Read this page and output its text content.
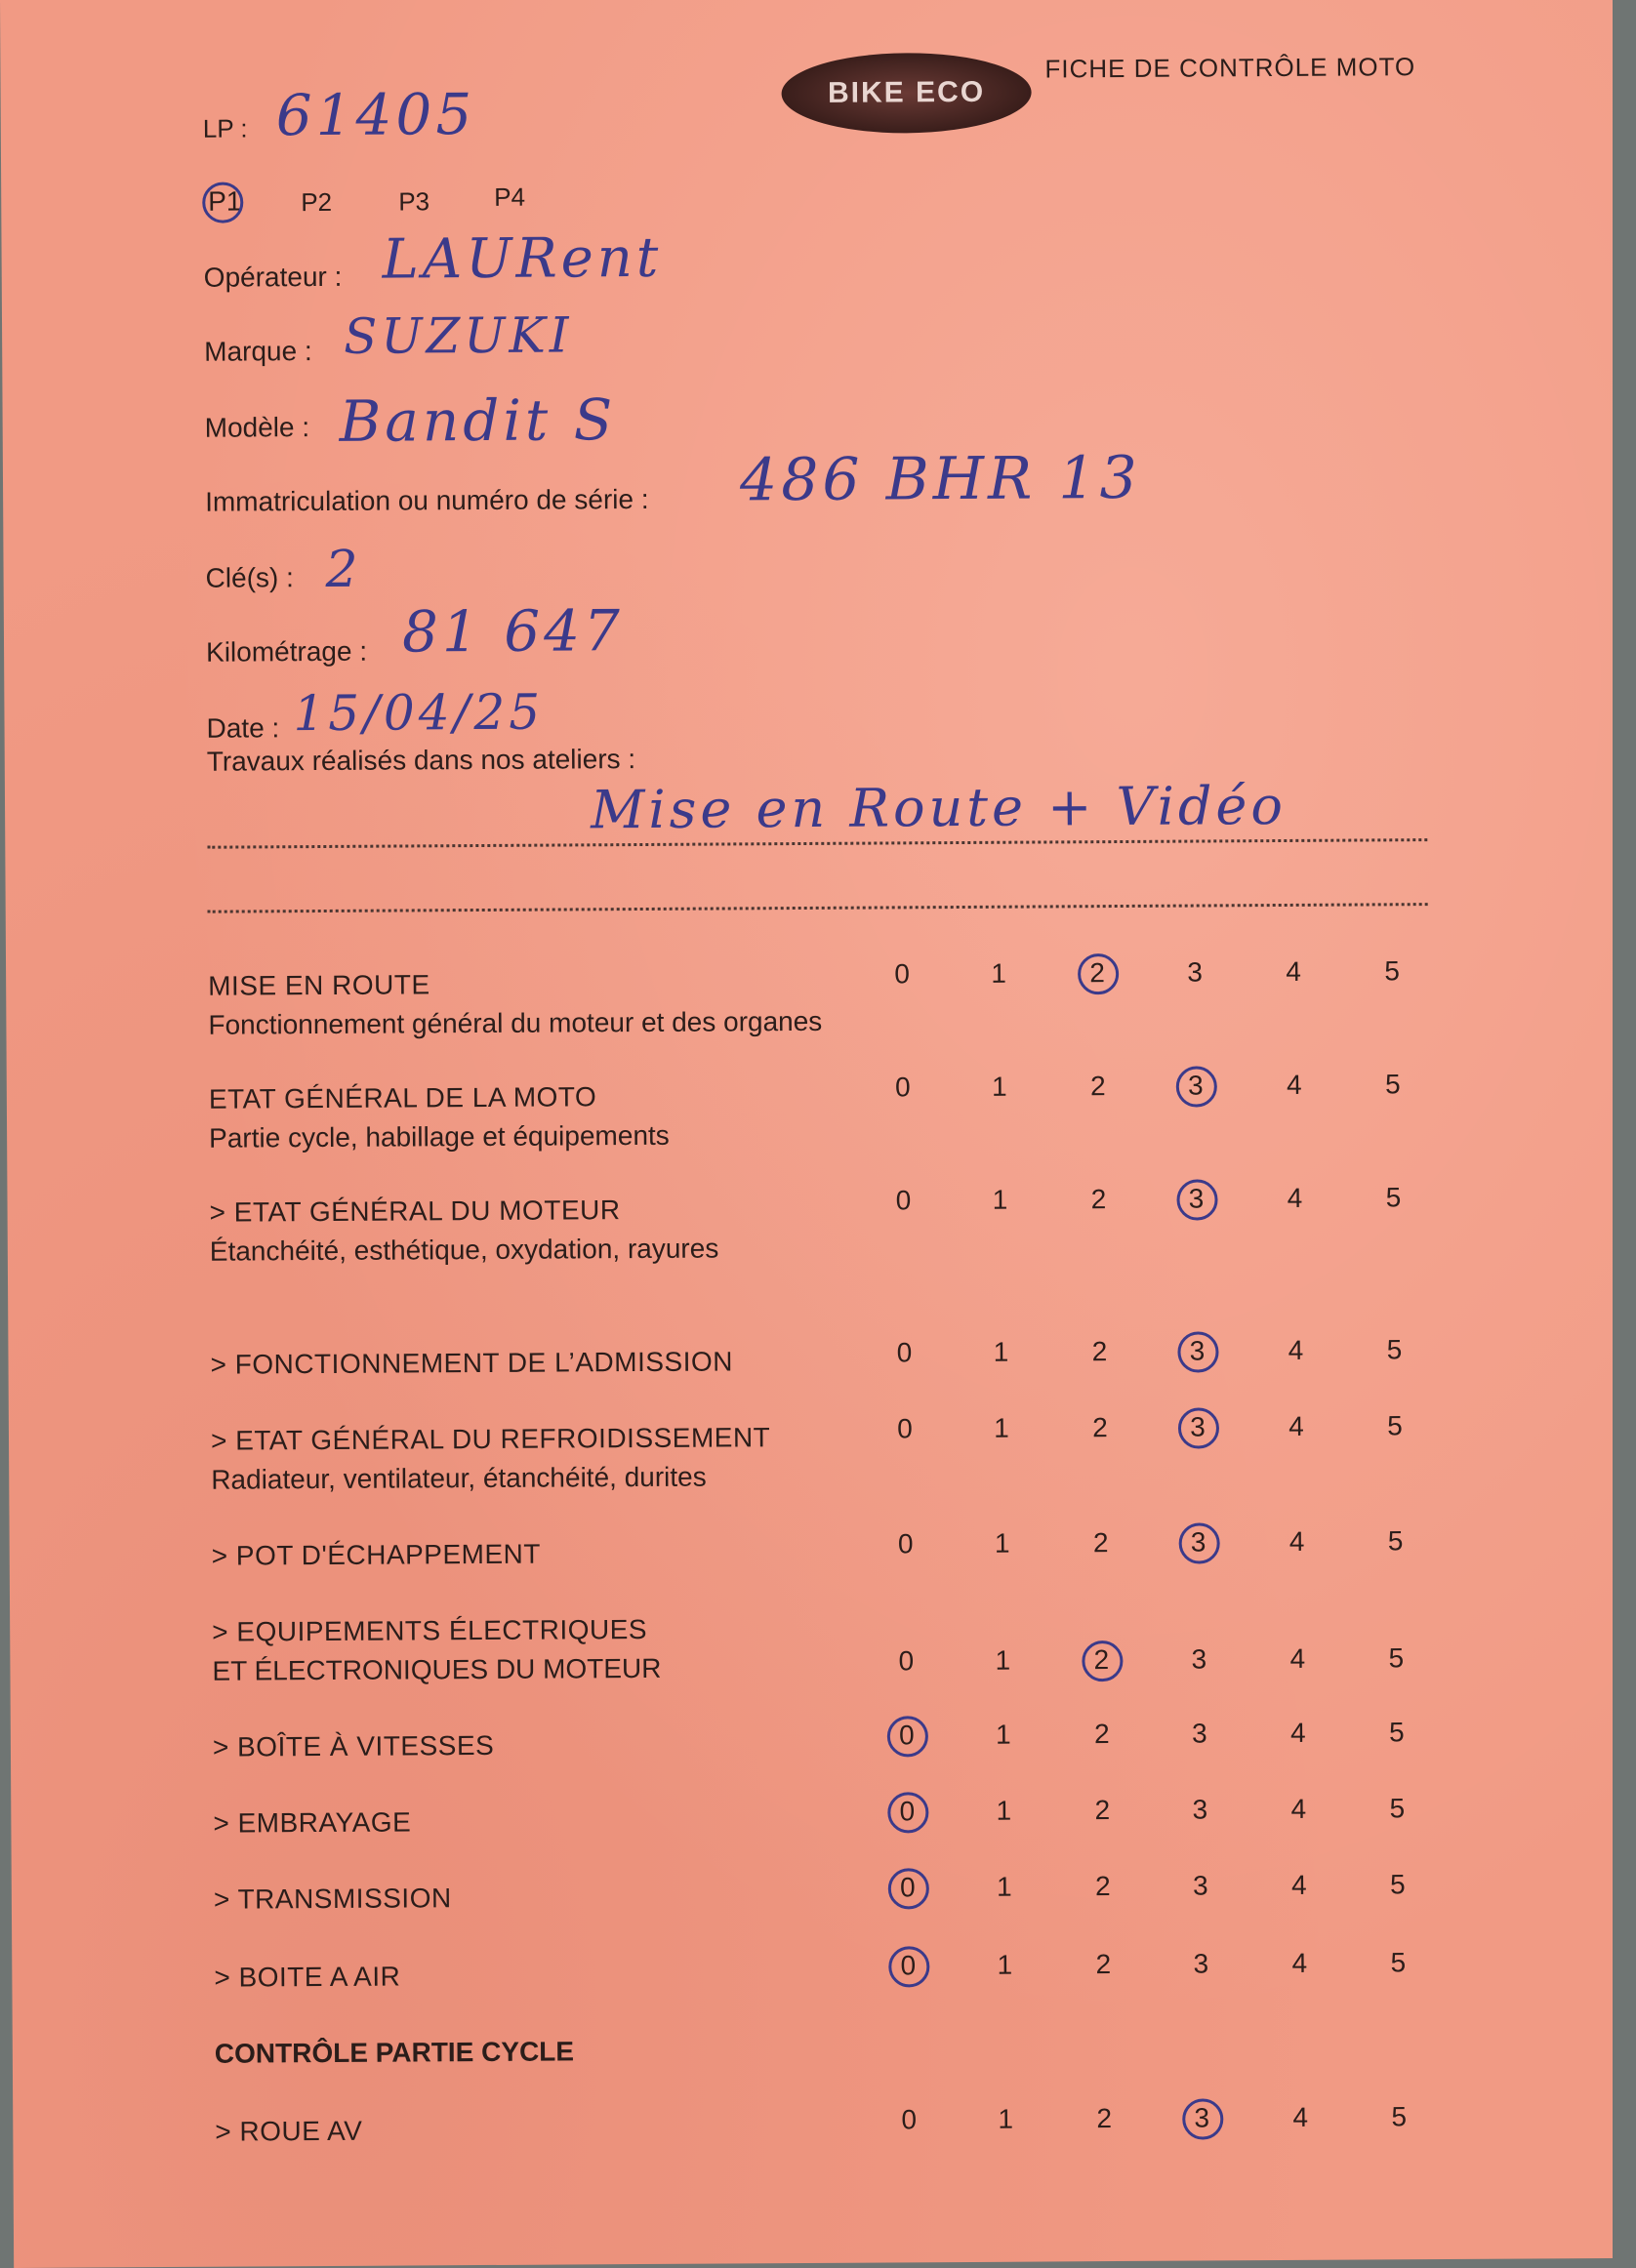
BIKE ECO
FICHE DE CONTRÔLE MOTO
LP : 61405
P1	P2	P3	P4
Opérateur : LAURent
Marque : SUZUKI
Modèle : Bandit S
Immatriculation ou numéro de série : 486 BHR 13
Clé(s) : 2
Kilométrage : 81 647
Date : 15/04/25
Travaux réalisés dans nos ateliers :
Mise en Route + Vidéo
MISE EN ROUTE
Fonctionnement général du moteur et des organes
0	1	2	3	4	5
ETAT GÉNÉRAL DE LA MOTO
Partie cycle, habillage et équipements
0	1	2	3	4	5
> ETAT GÉNÉRAL DU MOTEUR
Étanchéité, esthétique, oxydation, rayures
0	1	2	3	4	5
> FONCTIONNEMENT DE L’ADMISSION	0	1	2	3	4	5
> ETAT GÉNÉRAL DU REFROIDISSEMENT
Radiateur, ventilateur, étanchéité, durites
0	1	2	3	4	5
> POT D'ÉCHAPPEMENT	0	1	2	3	4	5
> EQUIPEMENTS ÉLECTRIQUES
ET ÉLECTRONIQUES DU MOTEUR	0	1	2	3	4	5
> BOÎTE À VITESSES	0	1	2	3	4	5
> EMBRAYAGE	0	1	2	3	4	5
> TRANSMISSION	0	1	2	3	4	5
> BOITE A AIR	0	1	2	3	4	5
CONTRÔLE PARTIE CYCLE
> ROUE AV	0	1	2	3	4	5
